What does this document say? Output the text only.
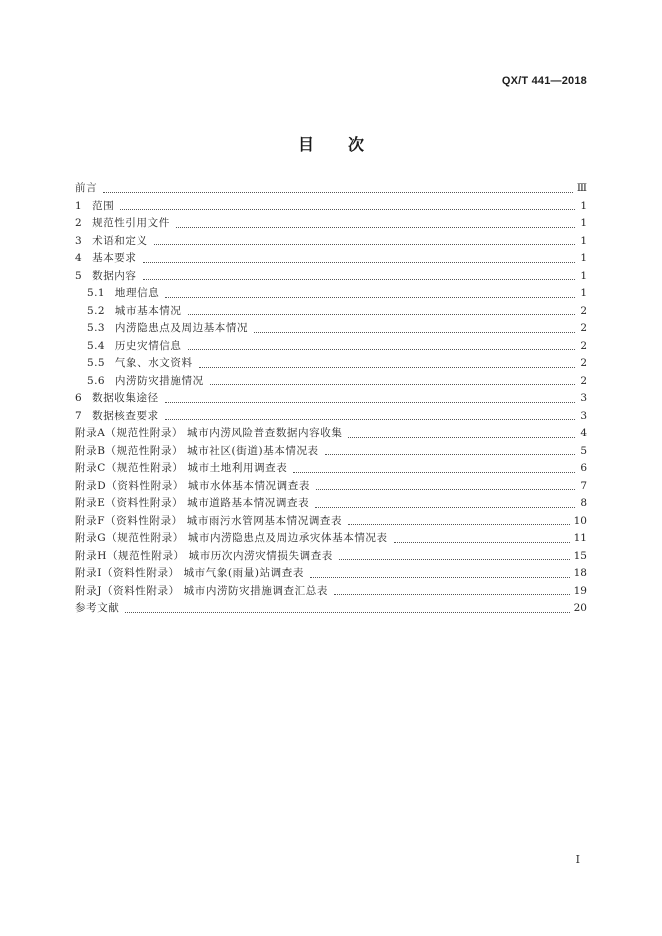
QX/T 441—2018
目次
前言	Ⅲ
1 范围	1
2 规范性引用文件	1
3 术语和定义	1
4 基本要求	1
5 数据内容	1
5.1 地理信息	1
5.2 城市基本情况	2
5.3 内涝隐患点及周边基本情况	2
5.4 历史灾情信息	2
5.5 气象、水文资料	2
5.6 内涝防灾措施情况	2
6 数据收集途径	3
7 数据核查要求	3
附录A（规范性附录） 城市内涝风险普查数据内容收集	4
附录B（规范性附录） 城市社区(街道)基本情况表	5
附录C（规范性附录） 城市土地利用调查表	6
附录D（资料性附录） 城市水体基本情况调查表	7
附录E（资料性附录） 城市道路基本情况调查表	8
附录F（资料性附录） 城市雨污水管网基本情况调查表	10
附录G（规范性附录） 城市内涝隐患点及周边承灾体基本情况表	11
附录H（规范性附录） 城市历次内涝灾情损失调查表	15
附录I（资料性附录） 城市气象(雨量)站调查表	18
附录J（资料性附录） 城市内涝防灾措施调查汇总表	19
参考文献	20
Ⅰ
